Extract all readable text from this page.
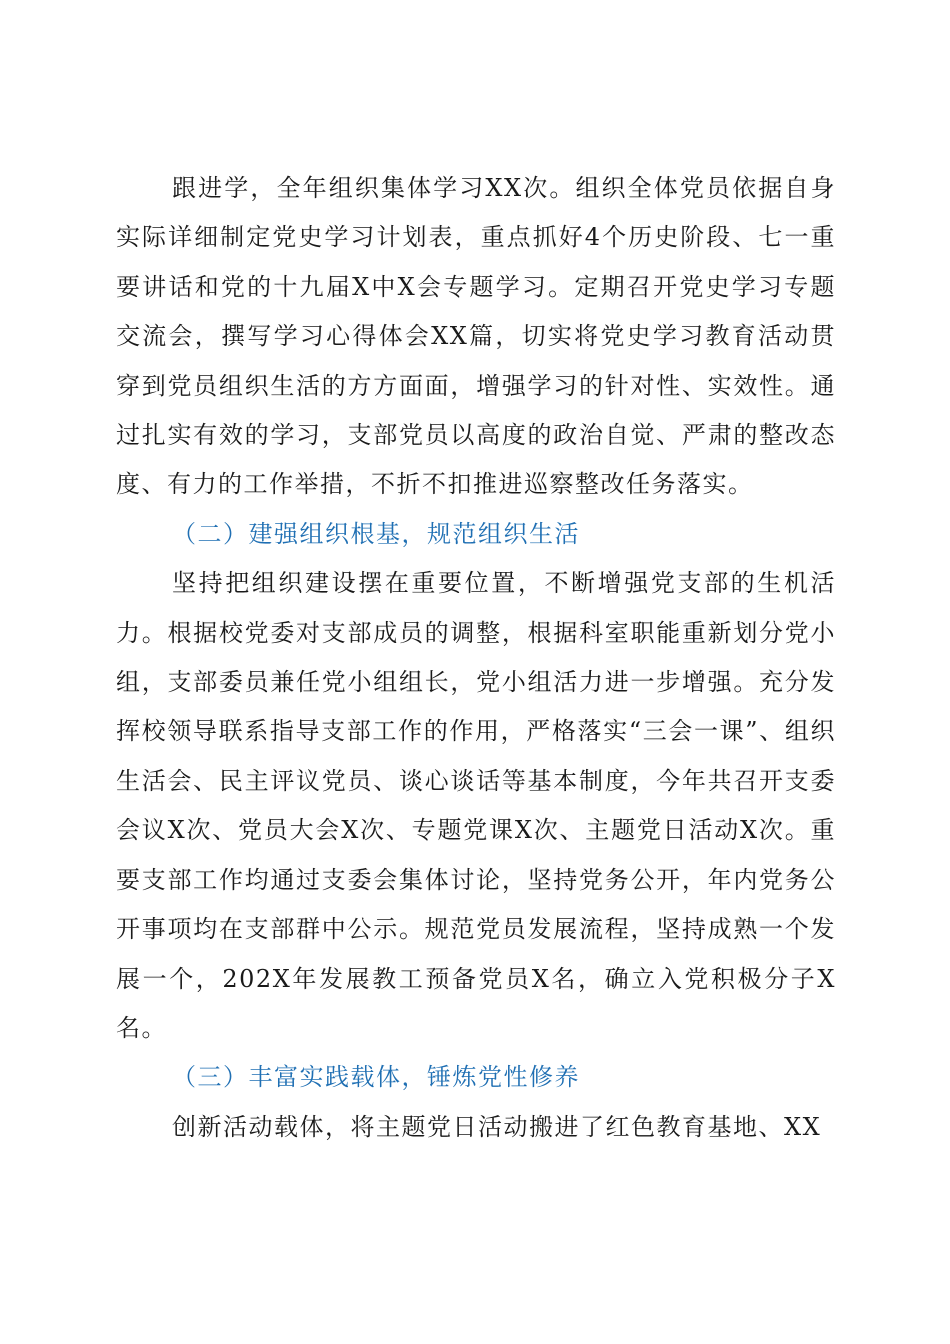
跟进学，全年组织集体学习XX次。组织全体党员依据自身实际详细制定党史学习计划表，重点抓好4个历史阶段、七一重要讲话和党的十九届X中X会专题学习。定期召开党史学习专题交流会，撰写学习心得体会XX篇，切实将党史学习教育活动贯穿到党员组织生活的方方面面，增强学习的针对性、实效性。通过扎实有效的学习，支部党员以高度的政治自觉、严肃的整改态度、有力的工作举措，不折不扣推进巡察整改任务落实。

（二）建强组织根基，规范组织生活

坚持把组织建设摆在重要位置，不断增强党支部的生机活力。根据校党委对支部成员的调整，根据科室职能重新划分党小组，支部委员兼任党小组组长，党小组活力进一步增强。充分发挥校领导联系指导支部工作的作用，严格落实“三会一课”、组织生活会、民主评议党员、谈心谈话等基本制度，今年共召开支委会议X次、党员大会X次、专题党课X次、主题党日活动X次。重要支部工作均通过支委会集体讨论，坚持党务公开，年内党务公开事项均在支部群中公示。规范党员发展流程，坚持成熟一个发展一个，202X年发展教工预备党员X名，确立入党积极分子X名。

（三）丰富实践载体，锤炼党性修养

创新活动载体，将主题党日活动搬进了红色教育基地、XX
